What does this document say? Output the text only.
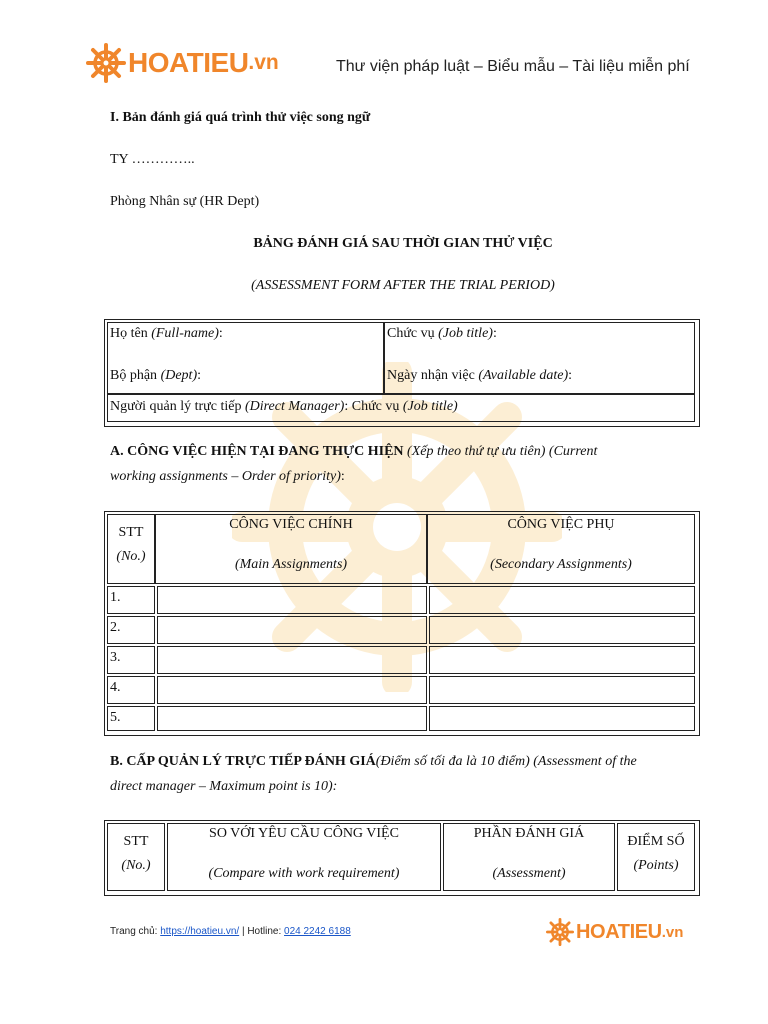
HOATIEU .vn	Thư viện pháp luật – Biểu mẫu – Tài liệu miễn phí
I. Bản đánh giá quá trình thử việc song ngữ
TY …………..
Phòng Nhân sự (HR Dept)
BẢNG ĐÁNH GIÁ SAU THỜI GIAN THỬ VIỆC
(ASSESSMENT FORM AFTER THE TRIAL PERIOD)
Họ tên (Full-name):
Bộ phận (Dept):
Chức vụ (Job title):
Ngày nhận việc (Available date):
Người quản lý trực tiếp (Direct Manager): Chức vụ (Job title)
A. CÔNG VIỆC HIỆN TẠI ĐANG THỰC HIỆN (Xếp theo thứ tự ưu tiên) (Current
working assignments – Order of priority):
STT
(No.)
CÔNG VIỆC CHÍNH
(Main Assignments)
CÔNG VIỆC PHỤ
(Secondary Assignments)
1.
2.
3.
4.
5.
B. CẤP QUẢN LÝ TRỰC TIẾP ĐÁNH GIÁ(Điểm số tối đa là 10 điểm) (Assessment of the
direct manager – Maximum point is 10):
STT
(No.)
SO VỚI YÊU CẦU CÔNG VIỆC
(Compare with work requirement)
PHẦN ĐÁNH GIÁ
(Assessment)
ĐIỂM SỐ
(Points)
Trang chủ: https://hoatieu.vn/ | Hotline: 024 2242 6188	HOATIEU .vn
